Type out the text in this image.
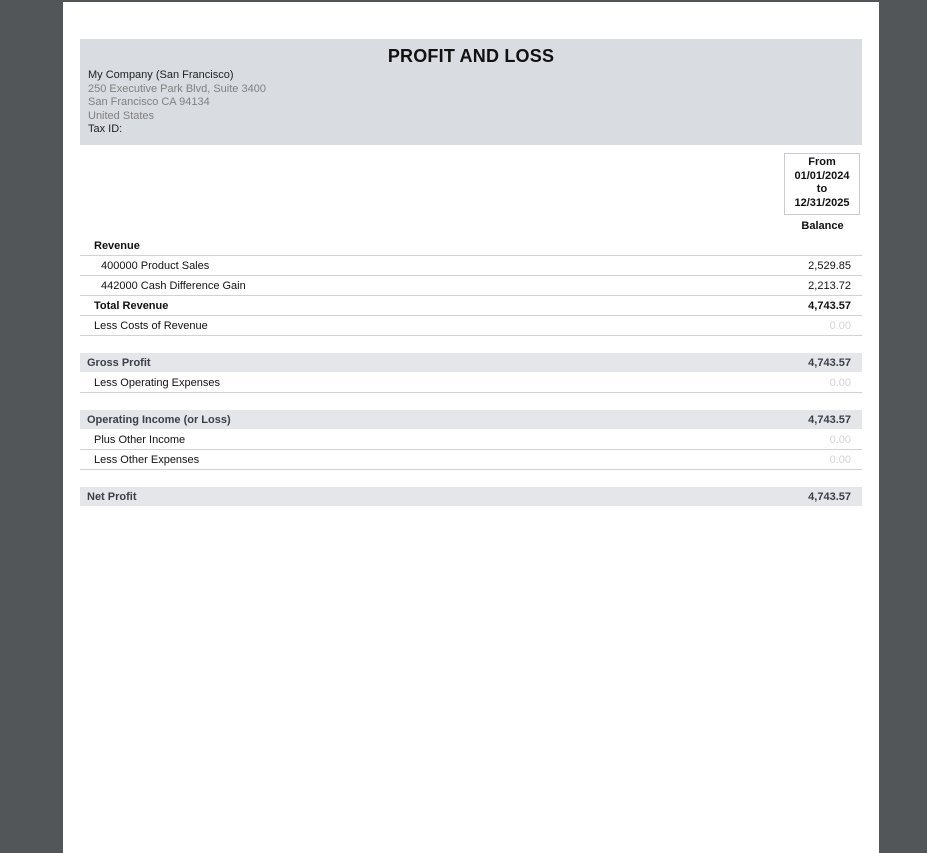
PROFIT AND LOSS
My Company (San Francisco)
250 Executive Park Blvd, Suite 3400
San Francisco CA 94134
United States
Tax ID:
From
01/01/2024
to
12/31/2025
Balance
Revenue
400000 Product Sales	2,529.85
442000 Cash Difference Gain	2,213.72
Total Revenue	4,743.57
Less Costs of Revenue	0.00
Gross Profit	4,743.57
Less Operating Expenses	0.00
Operating Income (or Loss)	4,743.57
Plus Other Income	0.00
Less Other Expenses	0.00
Net Profit	4,743.57
